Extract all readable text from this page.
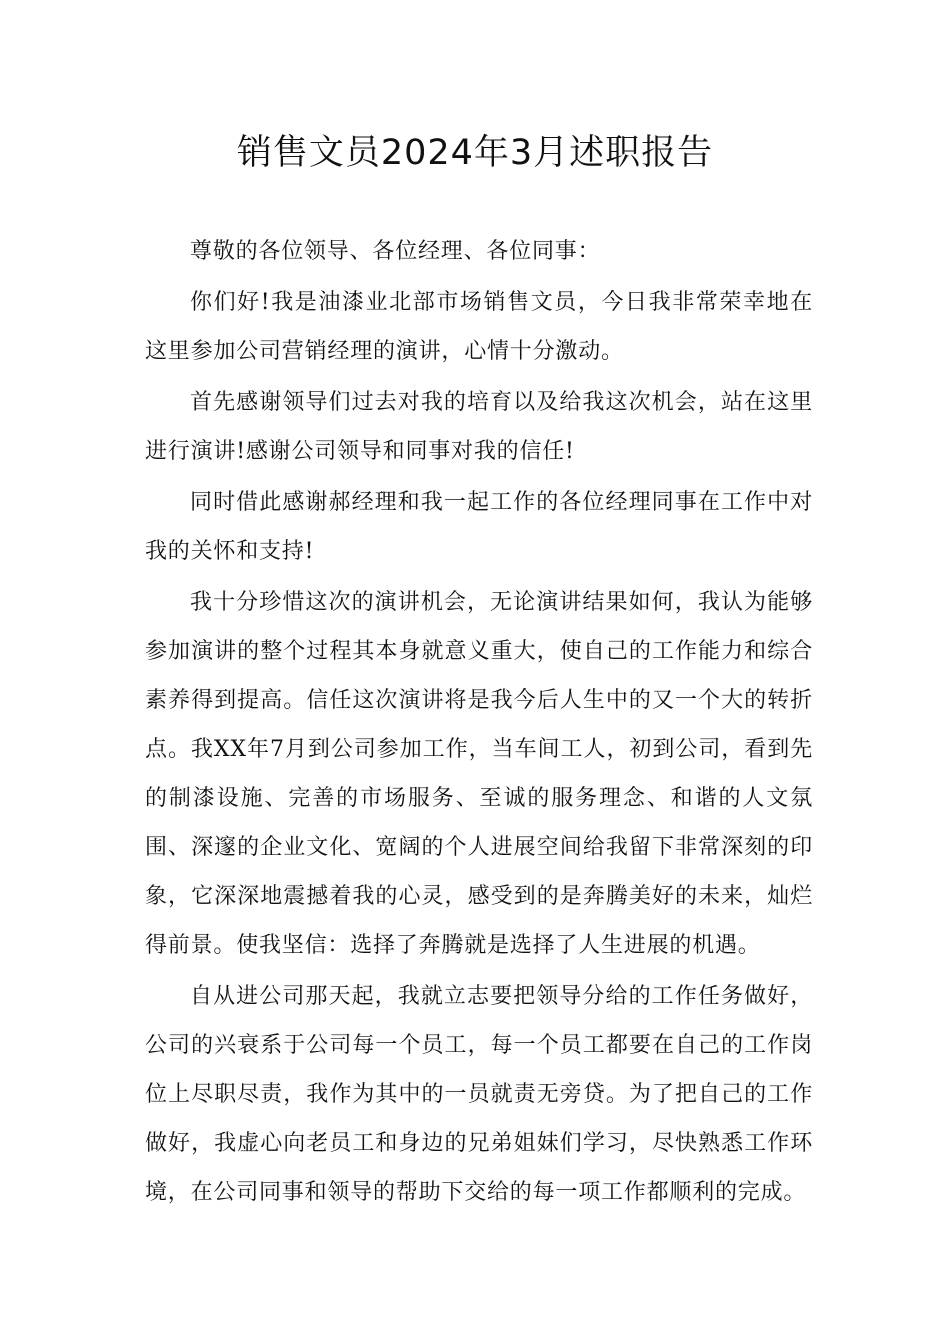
销售文员2024年3月述职报告

尊敬的各位领导、各位经理、各位同事：

你们好!我是油漆业北部市场销售文员，今日我非常荣幸地在这里参加公司营销经理的演讲，心情十分激动。

首先感谢领导们过去对我的培育以及给我这次机会，站在这里进行演讲!感谢公司领导和同事对我的信任!

同时借此感谢郝经理和我一起工作的各位经理同事在工作中对我的关怀和支持!

我十分珍惜这次的演讲机会，无论演讲结果如何，我认为能够参加演讲的整个过程其本身就意义重大，使自己的工作能力和综合素养得到提高。信任这次演讲将是我今后人生中的又一个大的转折点。我XX年7月到公司参加工作，当车间工人，初到公司，看到先的制漆设施、完善的市场服务、至诚的服务理念、和谐的人文氛围、深邃的企业文化、宽阔的个人进展空间给我留下非常深刻的印象，它深深地震撼着我的心灵，感受到的是奔腾美好的未来，灿烂得前景。使我坚信：选择了奔腾就是选择了人生进展的机遇。

自从进公司那天起，我就立志要把领导分给的工作任务做好，公司的兴衰系于公司每一个员工，每一个员工都要在自己的工作岗位上尽职尽责，我作为其中的一员就责无旁贷。为了把自己的工作做好，我虚心向老员工和身边的兄弟姐妹们学习，尽快熟悉工作环境，在公司同事和领导的帮助下交给的每一项工作都顺利的完成。
